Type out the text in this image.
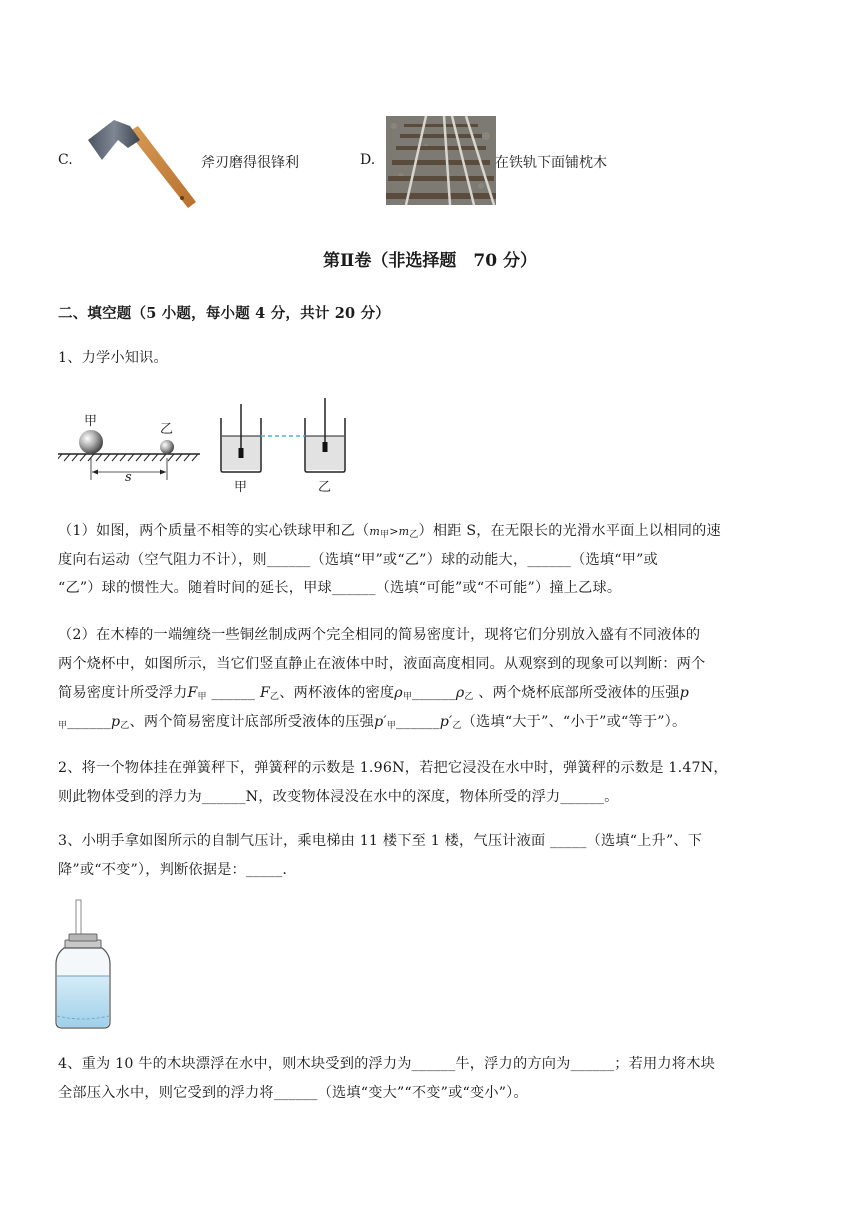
C.	斧刃磨得很锋利	D.	在铁轨下面铺枕木
第Ⅱ卷（非选择题　70 分）
二、填空题（5 小题，每小题 4 分，共计 20 分）
1、力学小知识。
甲
乙
s
甲	乙
（1）如图，两个质量不相等的实心铁球甲和乙$(m_甲>m_乙)$相距 S，在无限长的光滑水平面上以相同的速
度向右运动（空气阻力不计），则______（选填“甲”或“乙”）球的动能大，______（选填“甲”或
“乙”）球的惯性大。随着时间的延长，甲球______（选填“可能”或“不可能”）撞上乙球。
（2）在木棒的一端缠绕一些铜丝制成两个完全相同的简易密度计，现将它们分别放入盛有不同液体的
两个烧杯中，如图所示，当它们竖直静止在液体中时，液面高度相同。从观察到的现象可以判断：两个
简易密度计所受浮力$F_甲$ ______ $F_乙$、两杯液体的密度$\rho_甲\_\_\_\_\_\_\rho_乙$ 、两个烧杯底部所受液体的压强p
$_甲\_\_\_\_\_\_p_乙$、两个简易密度计底部所受液体的压强$p'_甲\_\_\_\_\_\_p'_乙$（选填“大于”、“小于”或“等于”）。
2、将一个物体挂在弹簧秤下，弹簧秤的示数是 1.96N，若把它浸没在水中时，弹簧秤的示数是 1.47N，
则此物体受到的浮力为______N，改变物体浸没在水中的深度，物体所受的浮力______。
3、小明手拿如图所示的自制气压计，乘电梯由 11 楼下至 1 楼，气压计液面 _____（选填“上升”、下
降”或“不变”），判断依据是：_____.
4、重为 10 牛的木块漂浮在水中，则木块受到的浮力为______牛，浮力的方向为______；若用力将木块
全部压入水中，则它受到的浮力将______（选填“变大”“不变”或“变小”）。
